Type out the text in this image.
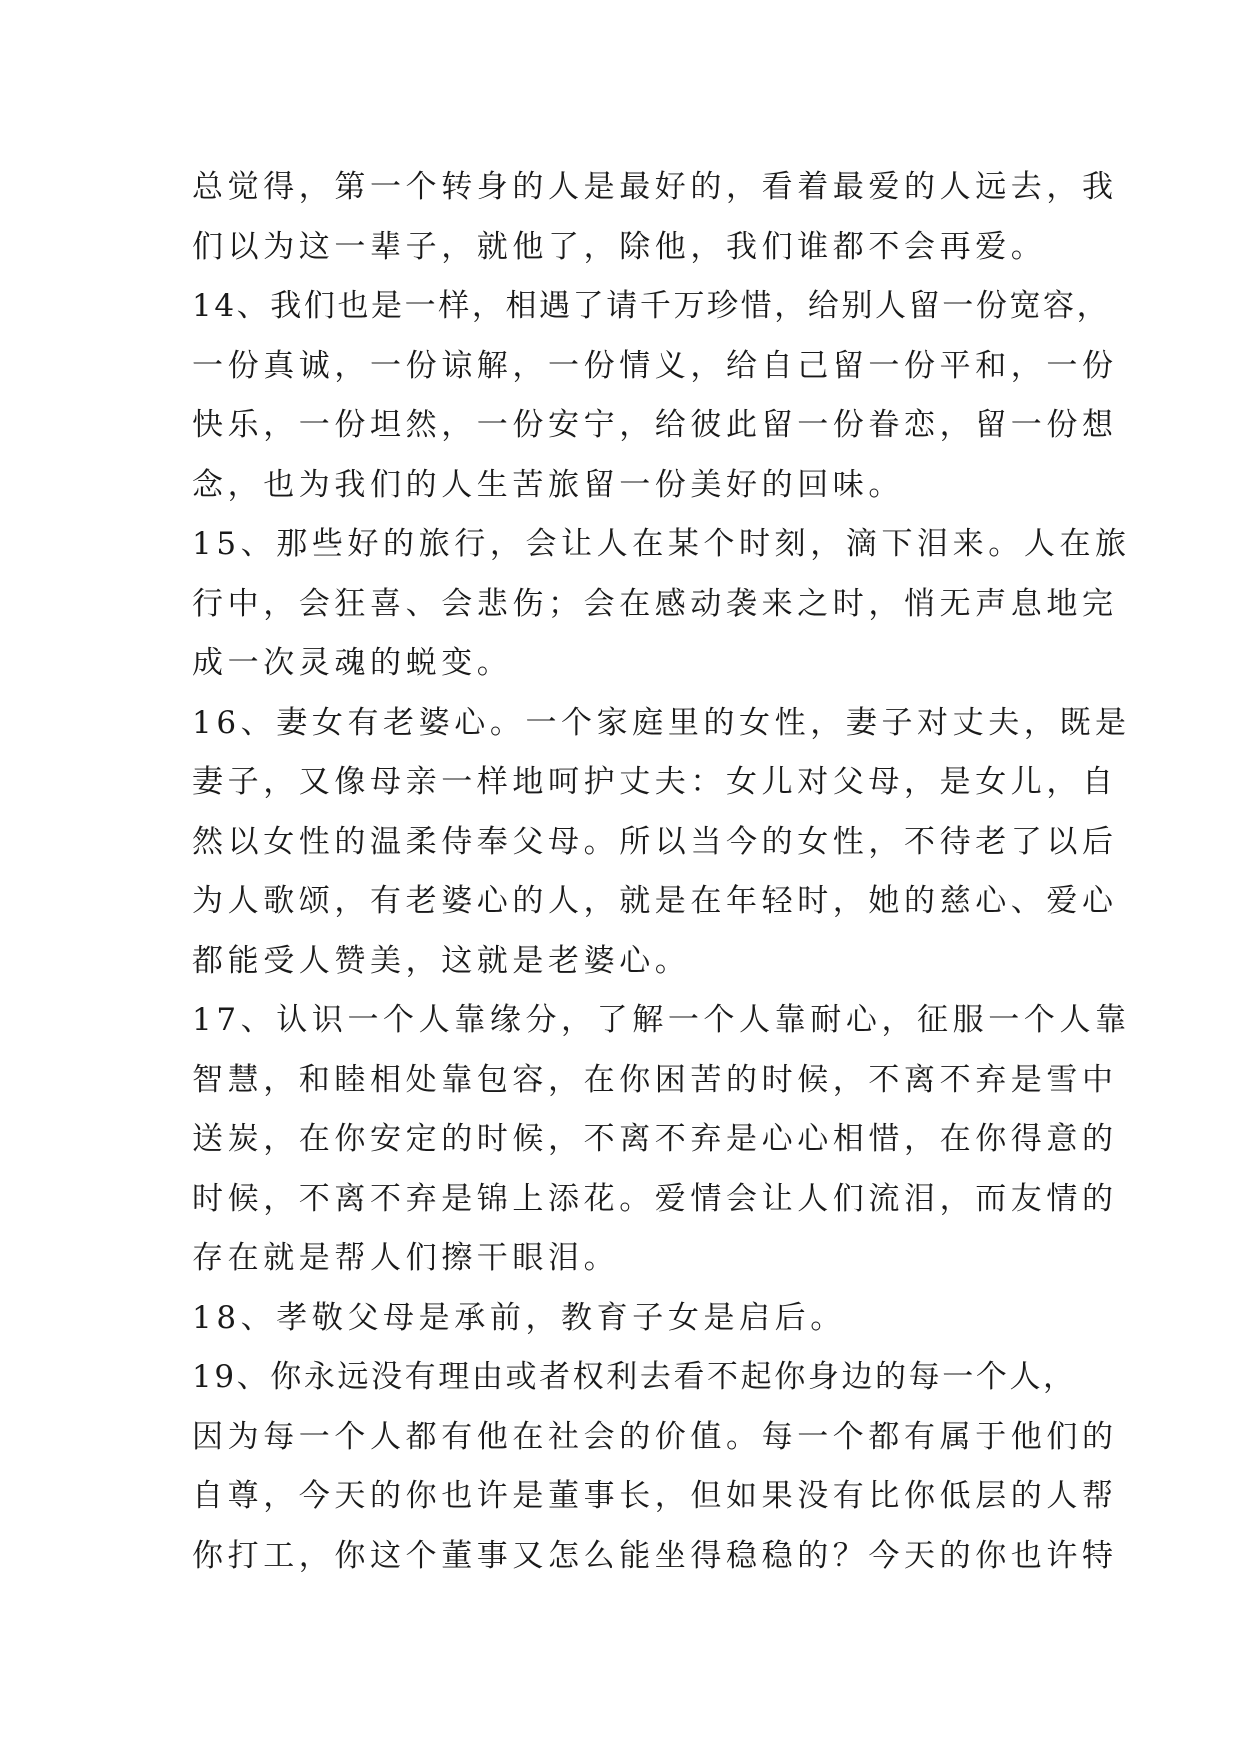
总觉得，第一个转身的人是最好的，看着最爱的人远去，我
们以为这一辈子，就他了，除他，我们谁都不会再爱。
14、我们也是一样，相遇了请千万珍惜，给别人留一份宽容，
一份真诚，一份谅解，一份情义，给自己留一份平和，一份
快乐，一份坦然，一份安宁，给彼此留一份眷恋，留一份想
念，也为我们的人生苦旅留一份美好的回味。
15、那些好的旅行，会让人在某个时刻，滴下泪来。人在旅
行中，会狂喜、会悲伤；会在感动袭来之时，悄无声息地完
成一次灵魂的蜕变。
16、妻女有老婆心。一个家庭里的女性，妻子对丈夫，既是
妻子，又像母亲一样地呵护丈夫：女儿对父母，是女儿，自
然以女性的温柔侍奉父母。所以当今的女性，不待老了以后
为人歌颂，有老婆心的人，就是在年轻时，她的慈心、爱心
都能受人赞美，这就是老婆心。
17、认识一个人靠缘分，了解一个人靠耐心，征服一个人靠
智慧，和睦相处靠包容，在你困苦的时候，不离不弃是雪中
送炭，在你安定的时候，不离不弃是心心相惜，在你得意的
时候，不离不弃是锦上添花。爱情会让人们流泪，而友情的
存在就是帮人们擦干眼泪。
18、孝敬父母是承前，教育子女是启后。
19、你永远没有理由或者权利去看不起你身边的每一个人，
因为每一个人都有他在社会的价值。每一个都有属于他们的
自尊，今天的你也许是董事长，但如果没有比你低层的人帮
你打工，你这个董事又怎么能坐得稳稳的？今天的你也许特
